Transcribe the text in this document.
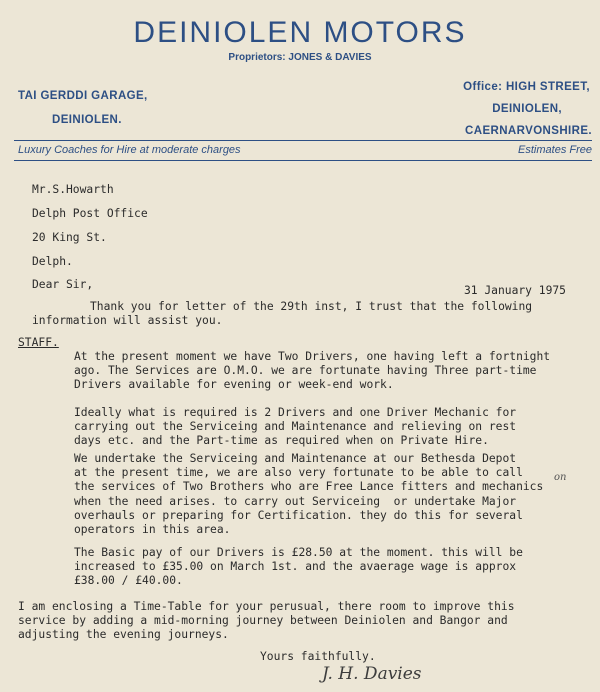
DEINIOLEN MOTORS
Proprietors: JONES & DAVIES
TAI GERDDI GARAGE,
DEINIOLEN.
Office: HIGH STREET,
DEINIOLEN,
CAERNARVONSHIRE.
Luxury Coaches for Hire at moderate charges	Estimates Free
Mr.S.Howarth
Delph Post Office
20 King St.
Delph.
Dear Sir,	31 January 1975
Thank you for letter of the 29th inst, I trust that the following
information will assist you.
STAFF.
At the present moment we have Two Drivers, one having left a fortnight
ago. The Services are O.M.O. we are fortunate having Three part-time
Drivers available for evening or week-end work.
Ideally what is required is 2 Drivers and one Driver Mechanic for
carrying out the Serviceing and Maintenance and relieving on rest
days etc. and the Part-time as required when on Private Hire.
We undertake the Serviceing and Maintenance at our Bethesda Depot
at the present time, we are also very fortunate to be able to call
the services of Two Brothers who are Free Lance fitters and mechanics
when the need arises. to carry out Serviceing  or undertake Major
overhauls or preparing for Certification. they do this for several
operators in this area.
The Basic pay of our Drivers is £28.50 at the moment. this will be
increased to £35.00 on March 1st. and the avaerage wage is approx
£38.00 / £40.00.
I am enclosing a Time-Table for your perusual, there room to improve this
service by adding a mid-morning journey between Deiniolen and Bangor and
adjusting the evening journeys.
on
Yours faithfully.
J. H. Davies
